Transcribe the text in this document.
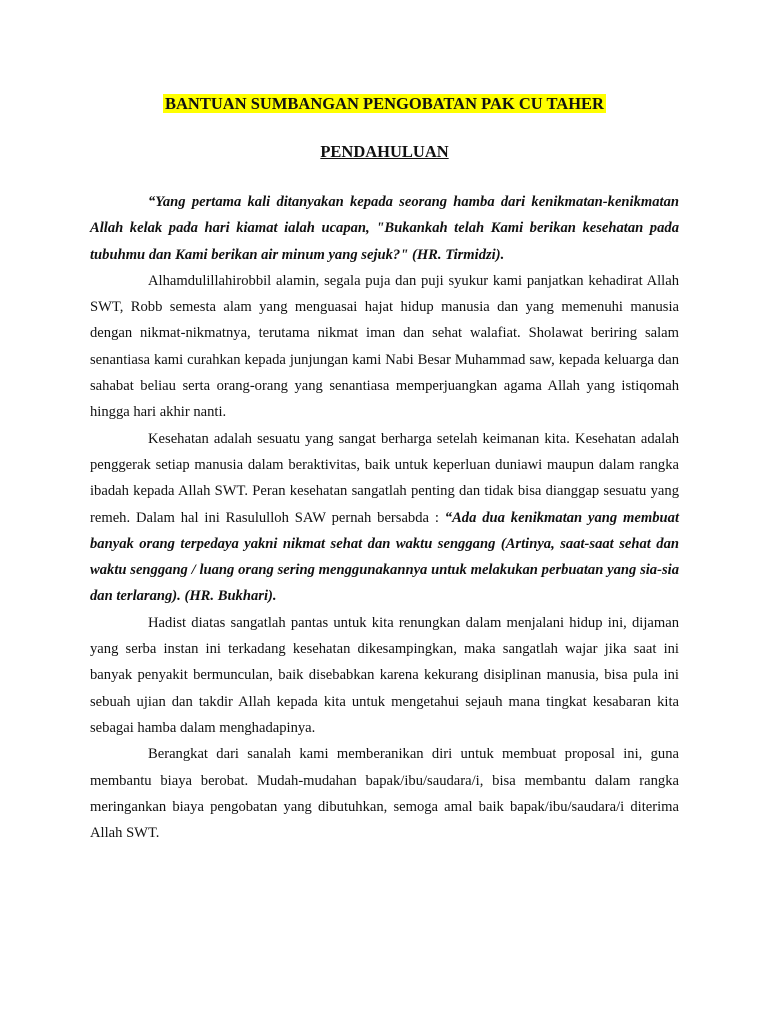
BANTUAN SUMBANGAN PENGOBATAN PAK CU TAHER
PENDAHULUAN

“Yang pertama kali ditanyakan kepada seorang hamba dari kenikmatan-kenikmatan Allah kelak pada hari kiamat ialah ucapan, "Bukankah telah Kami berikan kesehatan pada tubuhmu dan Kami berikan air minum yang sejuk?" (HR. Tirmidzi).

Alhamdulillahirobbil alamin, segala puja dan puji syukur kami panjatkan kehadirat Allah SWT, Robb semesta alam yang menguasai hajat hidup manusia dan yang memenuhi manusia dengan nikmat-nikmatnya, terutama nikmat iman dan sehat walafiat. Sholawat beriring salam senantiasa kami curahkan kepada junjungan kami Nabi Besar Muhammad saw, kepada keluarga dan sahabat beliau serta orang-orang yang senantiasa memperjuangkan agama Allah yang istiqomah hingga hari akhir nanti.

Kesehatan adalah sesuatu yang sangat berharga setelah keimanan kita. Kesehatan adalah penggerak setiap manusia dalam beraktivitas, baik untuk keperluan duniawi maupun dalam rangka ibadah kepada Allah SWT. Peran kesehatan sangatlah penting dan tidak bisa dianggap sesuatu yang remeh. Dalam hal ini Rasululloh SAW pernah bersabda : “Ada dua kenikmatan yang membuat banyak orang terpedaya yakni nikmat sehat dan waktu senggang (Artinya, saat-saat sehat dan waktu senggang / luang orang sering menggunakannya untuk melakukan perbuatan yang sia-sia dan terlarang). (HR. Bukhari).

Hadist diatas sangatlah pantas untuk kita renungkan dalam menjalani hidup ini, dijaman yang serba instan ini terkadang kesehatan dikesampingkan, maka sangatlah wajar jika saat ini banyak penyakit bermunculan, baik disebabkan karena kekurang disiplinan manusia, bisa pula ini sebuah ujian dan takdir Allah kepada kita untuk mengetahui sejauh mana tingkat kesabaran kita sebagai hamba dalam menghadapinya.

Berangkat dari sanalah kami memberanikan diri untuk membuat proposal ini, guna membantu biaya berobat. Mudah-mudahan bapak/ibu/saudara/i, bisa membantu dalam rangka meringankan biaya pengobatan yang dibutuhkan, semoga amal baik bapak/ibu/saudara/i diterima Allah SWT.
